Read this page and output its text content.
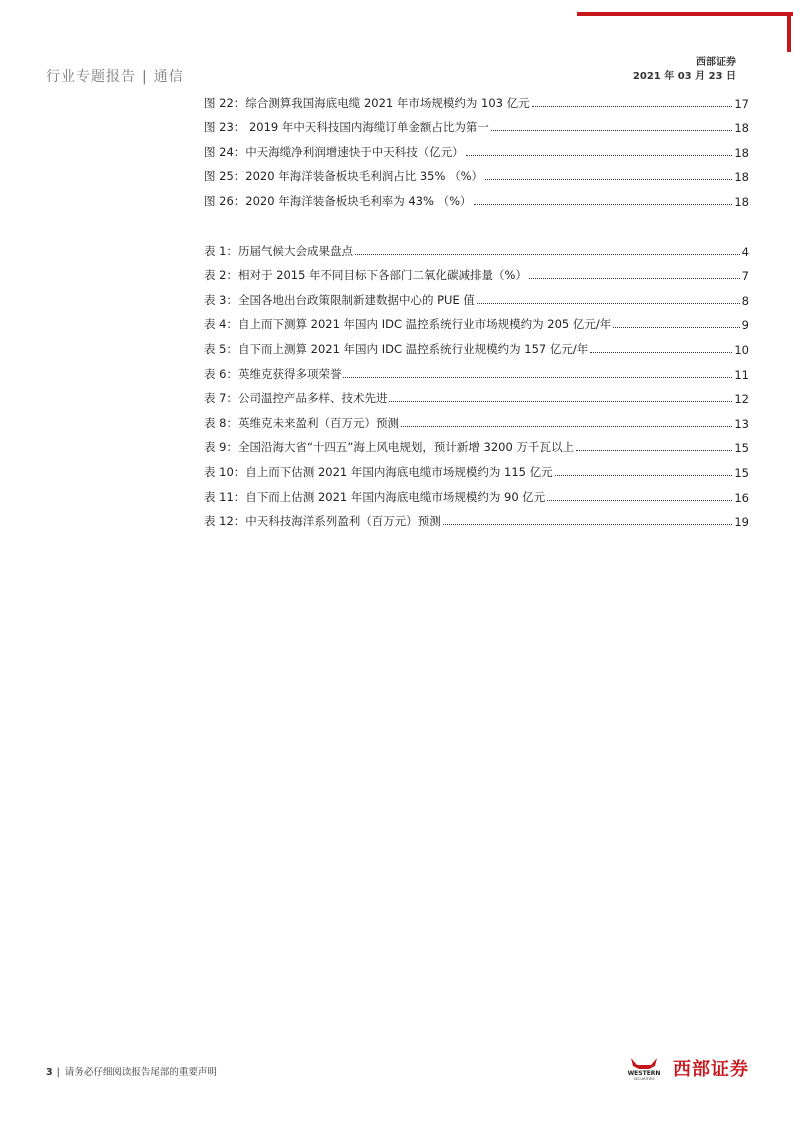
西部证券
2021 年 03 月 23 日
行业专题报告 | 通信
图 22：综合测算我国海底电缆 2021 年市场规模约为 103 亿元	17
图 23： 2019 年中天科技国内海缆订单金额占比为第一	18
图 24：中天海缆净利润增速快于中天科技（亿元）	18
图 25：2020 年海洋装备板块毛利润占比 35% （%）	18
图 26：2020 年海洋装备板块毛利率为 43% （%）	18
表 1：历届气候大会成果盘点	4
表 2：相对于 2015 年不同目标下各部门二氧化碳减排量（%）	7
表 3：全国各地出台政策限制新建数据中心的 PUE 值	8
表 4：自上而下测算 2021 年国内 IDC 温控系统行业市场规模约为 205 亿元/年	9
表 5：自下而上测算 2021 年国内 IDC 温控系统行业规模约为 157 亿元/年	10
表 6：英维克获得多项荣誉	11
表 7：公司温控产品多样、技术先进	12
表 8：英维克未来盈利（百万元）预测	13
表 9：全国沿海大省“十四五”海上风电规划，预计新增 3200 万千瓦以上	15
表 10：自上而下估测 2021 年国内海底电缆市场规模约为 115 亿元	15
表 11：自下而上估测 2021 年国内海底电缆市场规模约为 90 亿元	16
表 12：中天科技海洋系列盈利（百万元）预测	19
3 | 请务必仔细阅读报告尾部的重要声明	WESTERN
SECURITIES 西部证券
